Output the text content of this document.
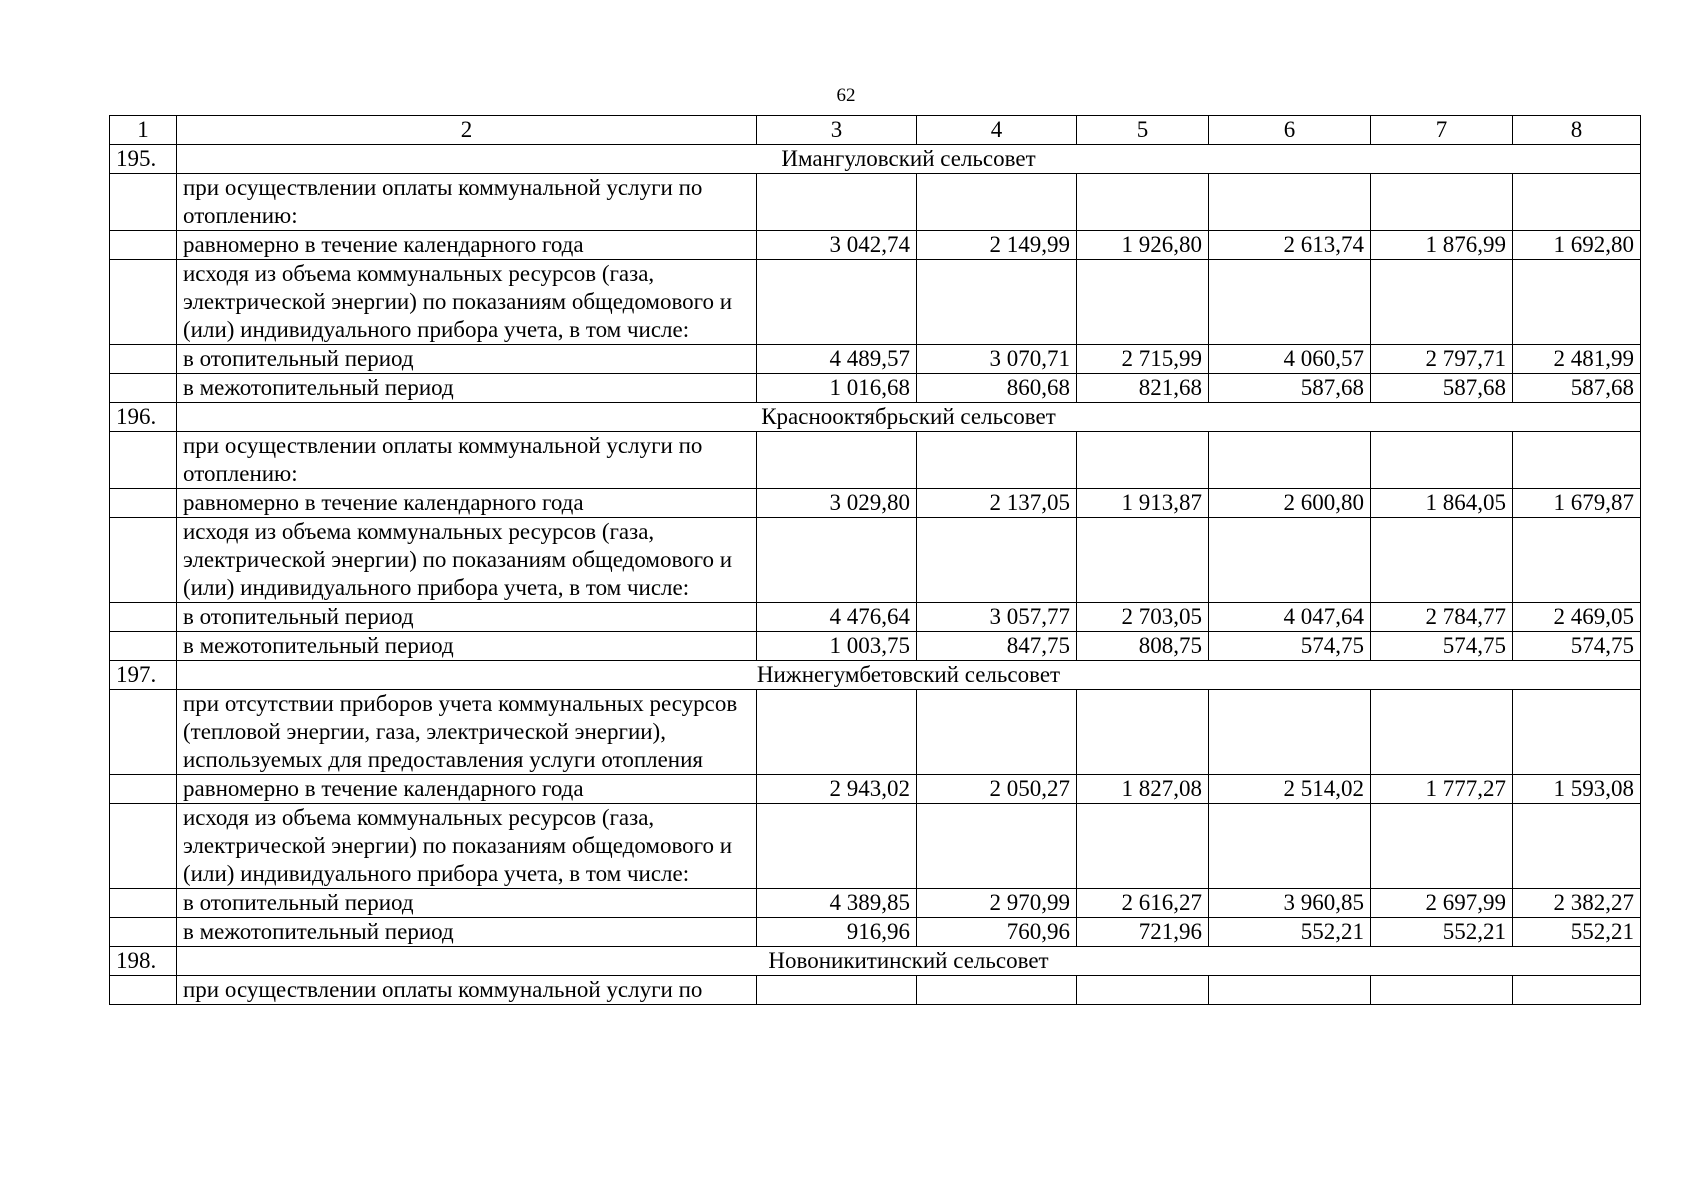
62
1	2	3	4	5	6	7	8
195.	Имангуловский сельсовет						
	при осуществлении оплаты коммунальной услуги по отоплению:						
	равномерно в течение календарного года	3 042,74	2 149,99	1 926,80	2 613,74	1 876,99	1 692,80
	исходя из объема коммунальных ресурсов (газа, электрической энергии) по показаниям общедомового и (или) индивидуального прибора учета, в том числе:						
	в отопительный период	4 489,57	3 070,71	2 715,99	4 060,57	2 797,71	2 481,99
	в межотопительный период	1 016,68	860,68	821,68	587,68	587,68	587,68
196.	Краснооктябрьский сельсовет						
	при осуществлении оплаты коммунальной услуги по отоплению:						
	равномерно в течение календарного года	3 029,80	2 137,05	1 913,87	2 600,80	1 864,05	1 679,87
	исходя из объема коммунальных ресурсов (газа, электрической энергии) по показаниям общедомового и (или) индивидуального прибора учета, в том числе:						
	в отопительный период	4 476,64	3 057,77	2 703,05	4 047,64	2 784,77	2 469,05
	в межотопительный период	1 003,75	847,75	808,75	574,75	574,75	574,75
197.	Нижнегумбетовский сельсовет						
	при отсутствии приборов учета коммунальных ресурсов (тепловой энергии, газа, электрической энергии), используемых для предоставления услуги отопления						
	равномерно в течение календарного года	2 943,02	2 050,27	1 827,08	2 514,02	1 777,27	1 593,08
	исходя из объема коммунальных ресурсов (газа, электрической энергии) по показаниям общедомового и (или) индивидуального прибора учета, в том числе:						
	в отопительный период	4 389,85	2 970,99	2 616,27	3 960,85	2 697,99	2 382,27
	в межотопительный период	916,96	760,96	721,96	552,21	552,21	552,21
198.	Новоникитинский сельсовет						
	при осуществлении оплаты коммунальной услуги по						
